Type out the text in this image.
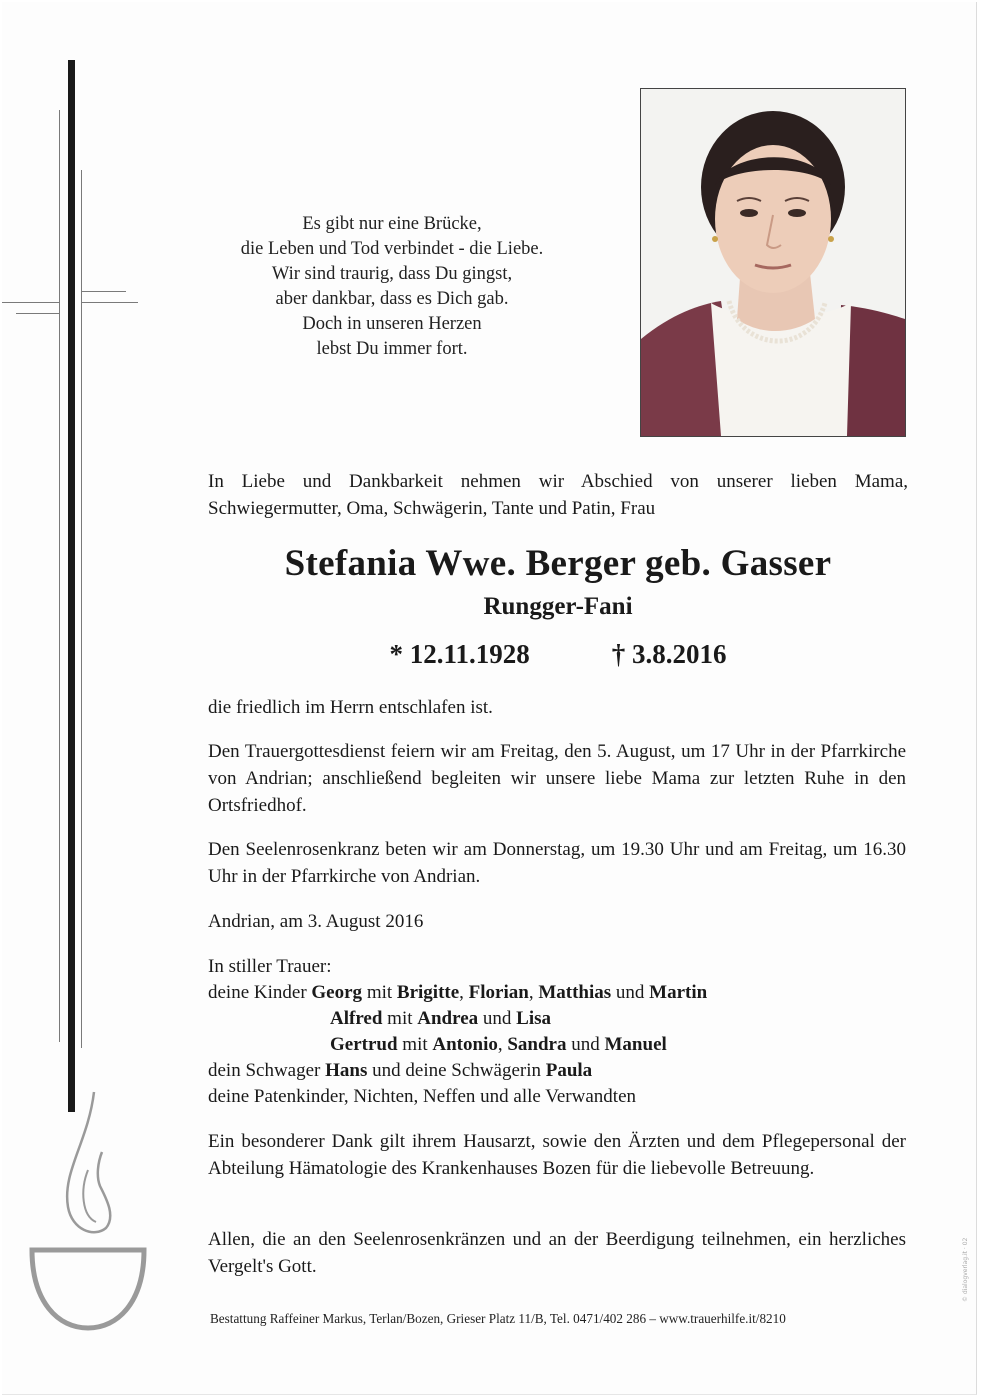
Es gibt nur eine Brücke,
die Leben und Tod verbindet - die Liebe.
Wir sind traurig, dass Du gingst,
aber dankbar, dass es Dich gab.
Doch in unseren Herzen
lebst Du immer fort.
In Liebe und Dankbarkeit nehmen wir Abschied von unserer lieben Mama, Schwiegermutter, Oma, Schwägerin, Tante und Patin, Frau
Stefania Wwe. Berger geb. Gasser
Rungger-Fani
* 12.11.1928	† 3.8.2016
die friedlich im Herrn entschlafen ist.
Den Trauergottesdienst feiern wir am Freitag, den 5. August, um 17 Uhr in der Pfarrkirche von Andrian; anschließend begleiten wir unsere liebe Mama zur letzten Ruhe in den Ortsfriedhof.
Den Seelenrosenkranz beten wir am Donnerstag, um 19.30 Uhr und am Freitag, um 16.30 Uhr in der Pfarrkirche von Andrian.
Andrian, am 3. August 2016
In stiller Trauer:
deine Kinder Georg mit Brigitte, Florian, Matthias und Martin
Alfred mit Andrea und Lisa
Gertrud mit Antonio, Sandra und Manuel
dein Schwager Hans und deine Schwägerin Paula
deine Patenkinder, Nichten, Neffen und alle Verwandten
Ein besonderer Dank gilt ihrem Hausarzt, sowie den Ärzten und dem Pflegepersonal der Abteilung Hämatologie des Krankenhauses Bozen für die liebevolle Betreuung.
Allen, die an den Seelenrosenkränzen und an der Beerdigung teilnehmen, ein herzliches Vergelt's Gott.
Bestattung Raffeiner Markus, Terlan/Bozen, Grieser Platz 11/B, Tel. 0471/402 286 – www.trauerhilfe.it/8210
© dialogverlag.it · 02
